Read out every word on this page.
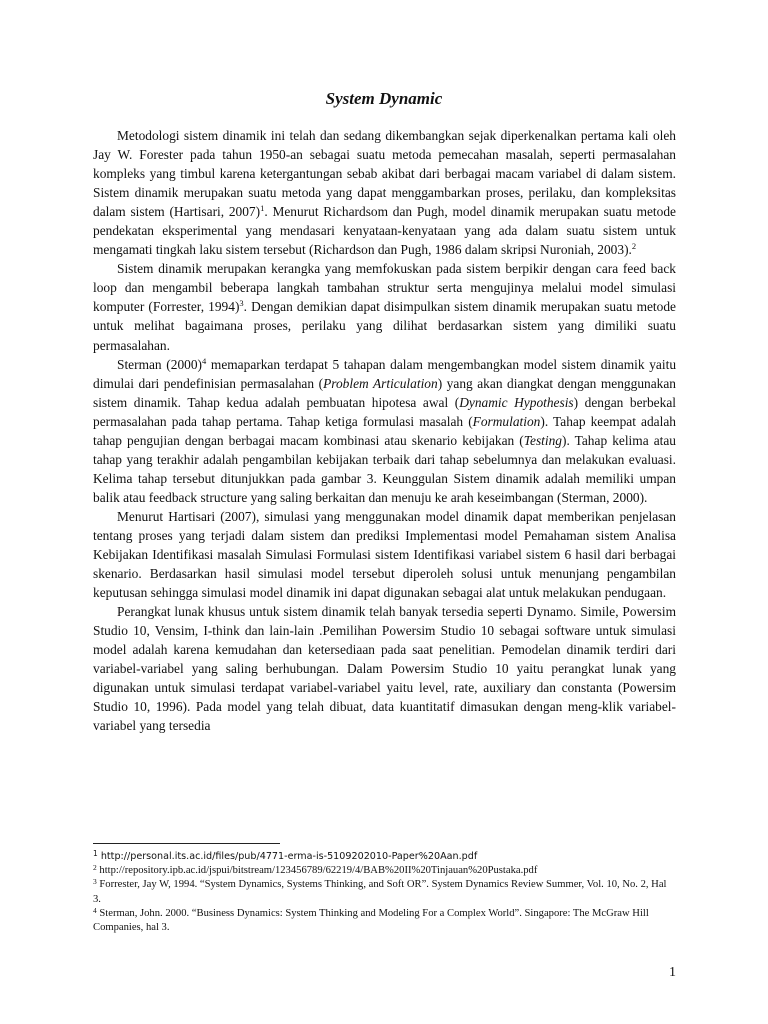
System Dynamic

Metodologi sistem dinamik ini telah dan sedang dikembangkan sejak diperkenalkan pertama kali oleh Jay W. Forester pada tahun 1950-an sebagai suatu metoda pemecahan masalah, seperti permasalahan kompleks yang timbul karena ketergantungan sebab akibat dari berbagai macam variabel di dalam sistem. Sistem dinamik merupakan suatu metoda yang dapat menggambarkan proses, perilaku, dan kompleksitas dalam sistem (Hartisari, 2007)$^1$. Menurut Richardsom dan Pugh, model dinamik merupakan suatu metode pendekatan eksperimental yang mendasari kenyataan-kenyataan yang ada dalam suatu sistem untuk mengamati tingkah laku sistem tersebut (Richardson dan Pugh, 1986 dalam skripsi Nuroniah, 2003).$^2$

Sistem dinamik merupakan kerangka yang memfokuskan pada sistem berpikir dengan cara feed back loop dan mengambil beberapa langkah tambahan struktur serta mengujinya melalui model simulasi komputer (Forrester, 1994)$^3$. Dengan demikian dapat disimpulkan sistem dinamik merupakan suatu metode untuk melihat bagaimana proses, perilaku yang dilihat berdasarkan sistem yang dimiliki suatu permasalahan.

Sterman $(2000)^4$ memaparkan terdapat 5 tahapan dalam mengembangkan model sistem dinamik yaitu dimulai dari pendefinisian permasalahan (Problem Articulation) yang akan diangkat dengan menggunakan sistem dinamik. Tahap kedua adalah pembuatan hipotesa awal (Dynamic Hypothesis) dengan berbekal permasalahan pada tahap pertama. Tahap ketiga formulasi masalah (Formulation). Tahap keempat adalah tahap pengujian dengan berbagai macam kombinasi atau skenario kebijakan (Testing). Tahap kelima atau tahap yang terakhir adalah pengambilan kebijakan terbaik dari tahap sebelumnya dan melakukan evaluasi. Kelima tahap tersebut ditunjukkan pada gambar 3. Keunggulan Sistem dinamik adalah memiliki umpan balik atau feedback structure yang saling berkaitan dan menuju ke arah keseimbangan (Sterman, 2000).

Menurut Hartisari (2007), simulasi yang menggunakan model dinamik dapat memberikan penjelasan tentang proses yang terjadi dalam sistem dan prediksi Implementasi model Pemahaman sistem Analisa Kebijakan Identifikasi masalah Simulasi Formulasi sistem Identifikasi variabel sistem 6 hasil dari berbagai skenario. Berdasarkan hasil simulasi model tersebut diperoleh solusi untuk menunjang pengambilan keputusan sehingga simulasi model dinamik ini dapat digunakan sebagai alat untuk melakukan pendugaan.

Perangkat lunak khusus untuk sistem dinamik telah banyak tersedia seperti Dynamo. Simile, Powersim Studio 10, Vensim, I-think dan lain-lain .Pemilihan Powersim Studio 10 sebagai software untuk simulasi model adalah karena kemudahan dan ketersediaan pada saat penelitian. Pemodelan dinamik terdiri dari variabel-variabel yang saling berhubungan. Dalam Powersim Studio 10 yaitu perangkat lunak yang digunakan untuk simulasi terdapat variabel-variabel yaitu level, rate, auxiliary dan constanta (Powersim Studio 10, 1996). Pada model yang telah dibuat, data kuantitatif dimasukan dengan meng-klik variabel-variabel yang tersedia

$^1$ http://personal.its.ac.id/files/pub/4771-erma-is-5109202010-Paper%20Aan.pdf
$^2$ http://repository.ipb.ac.id/jspui/bitstream/123456789/62219/4/BAB%20II%20Tinjauan%20Pustaka.pdf
$^3$ Forrester, Jay W, 1994. “System Dynamics, Systems Thinking, and Soft OR”. System Dynamics Review Summer, Vol. 10, No. 2, Hal 3.
$^4$ Sterman, John. 2000. “Business Dynamics: System Thinking and Modeling For a Complex World”. Singapore: The McGraw Hill Companies, hal 3.
1
